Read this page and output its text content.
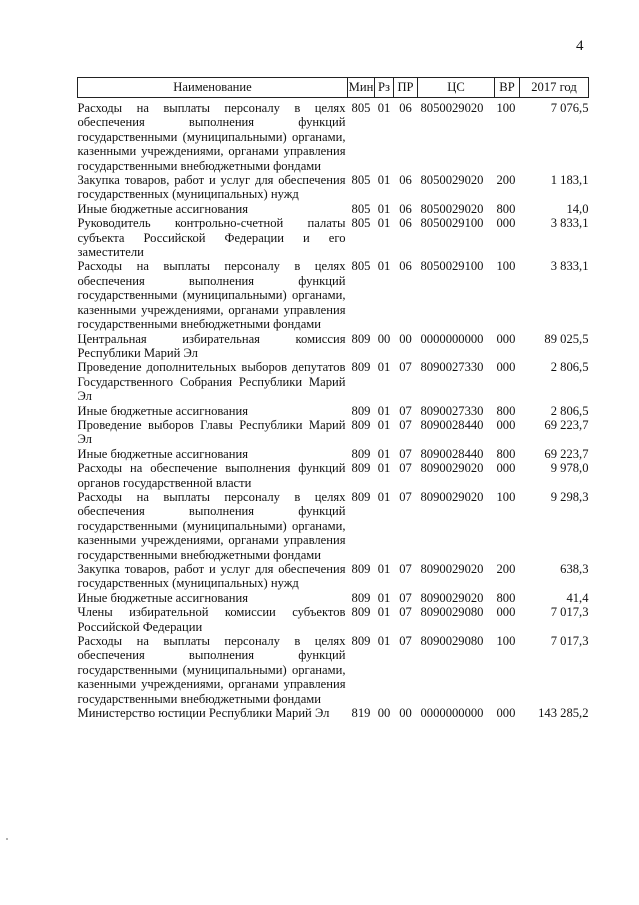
4
Наименование	Мин	Рз	ПР	ЦС	ВР	2017 год
Расходы на выплаты персоналу в целях обеспечения выполнения функций государственными (муниципальными) органами, казенными учреждениями, органами управления государственными внебюджетными фондами	805	01	06	8050029020	100	7 076,5
Закупка товаров, работ и услуг для обеспечения государственных (муниципальных) нужд	805	01	06	8050029020	200	1 183,1
Иные бюджетные ассигнования	805	01	06	8050029020	800	14,0
Руководитель контрольно-счетной палаты субъекта Российской Федерации и его заместители	805	01	06	8050029100	000	3 833,1
Расходы на выплаты персоналу в целях обеспечения выполнения функций государственными (муниципальными) органами, казенными учреждениями, органами управления государственными внебюджетными фондами	805	01	06	8050029100	100	3 833,1
Центральная избирательная комиссия Республики Марий Эл	809	00	00	0000000000	000	89 025,5
Проведение дополнительных выборов депутатов Государственного Собрания Республики Марий Эл	809	01	07	8090027330	000	2 806,5
Иные бюджетные ассигнования	809	01	07	8090027330	800	2 806,5
Проведение выборов Главы Республики Марий Эл	809	01	07	8090028440	000	69 223,7
Иные бюджетные ассигнования	809	01	07	8090028440	800	69 223,7
Расходы на обеспечение выполнения функций органов государственной власти	809	01	07	8090029020	000	9 978,0
Расходы на выплаты персоналу в целях обеспечения выполнения функций государственными (муниципальными) органами, казенными учреждениями, органами управления государственными внебюджетными фондами	809	01	07	8090029020	100	9 298,3
Закупка товаров, работ и услуг для обеспечения государственных (муниципальных) нужд	809	01	07	8090029020	200	638,3
Иные бюджетные ассигнования	809	01	07	8090029020	800	41,4
Члены избирательной комиссии субъектов Российской Федерации	809	01	07	8090029080	000	7 017,3
Расходы на выплаты персоналу в целях обеспечения выполнения функций государственными (муниципальными) органами, казенными учреждениями, органами управления государственными внебюджетными фондами	809	01	07	8090029080	100	7 017,3
Министерство юстиции Республики Марий Эл	819	00	00	0000000000	000	143 285,2
